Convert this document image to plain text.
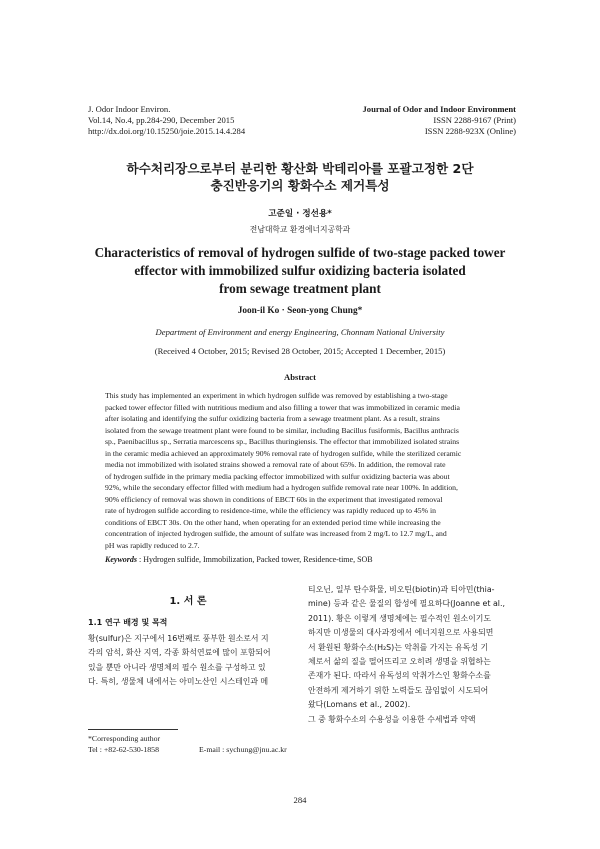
J. Odor Indoor Environ.
Vol.14, No.4, pp.284-290, December 2015
http://dx.doi.org/10.15250/joie.2015.14.4.284
Journal of Odor and Indoor Environment
ISSN 2288-9167 (Print)
ISSN 2288-923X (Online)
하수처리장으로부터 분리한 황산화 박테리아를 포괄고정한 2단
충진반응기의 황화수소 제거특성
고준일 · 정선용*
전남대학교 환경에너지공학과
Characteristics of removal of hydrogen sulfide of two-stage packed tower
effector with immobilized sulfur oxidizing bacteria isolated
from sewage treatment plant
Joon-il Ko · Seon-yong Chung*
Department of Environment and energy Engineering, Chonnam National University
(Received 4 October, 2015; Revised 28 October, 2015; Accepted 1 December, 2015)
Abstract
This study has implemented an experiment in which hydrogen sulfide was removed by establishing a two-stage
packed tower effector filled with nutritious medium and also filling a tower that was immobilized in ceramic media
after isolating and identifying the sulfur oxidizing bacteria from a sewage treatment plant. As a result, strains
isolated from the sewage treatment plant were found to be similar, including Bacillus fusiformis, Bacillus anthracis
sp., Paenibacillus sp., Serratia marcescens sp., Bacillus thuringiensis. The effector that immobilized isolated strains
in the ceramic media achieved an approximately 90% removal rate of hydrogen sulfide, while the sterilized ceramic
media not immobilized with isolated strains showed a removal rate of about 65%. In addition, the removal rate
of hydrogen sulfide in the primary media packing effector immobilized with sulfur oxidizing bacteria was about
92%, while the secondary effector filled with medium had a hydrogen sulfide removal rate near 100%. In addition,
90% efficiency of removal was shown in conditions of EBCT 60s in the experiment that investigated removal
rate of hydrogen sulfide according to residence-time, while the efficiency was rapidly reduced up to 45% in
conditions of EBCT 30s. On the other hand, when operating for an extended period time while increasing the
concentration of injected hydrogen sulfide, the amount of sulfate was increased from 2 mg/L to 12.7 mg/L, and
pH was rapidly reduced to 2.7.
Keywords : Hydrogen sulfide, Immobilization, Packed tower, Residence-time, SOB
1. 서 론
1.1 연구 배경 및 목적
황(sulfur)은 지구에서 16번째로 풍부한 원소로서 지
각의 암석, 화산 지역, 각종 화석연료에 많이 포함되어
있을 뿐만 아니라 생명체의 필수 원소를 구성하고 있
다. 특히, 생물체 내에서는 아미노산인 시스테인과 메
티오닌, 일부 탄수화물, 비오틴(biotin)과 티아민(thia-
mine) 등과 같은 물질의 합성에 필요하다(Joanne et al.,
2011). 황은 이렇게 생명체에는 필수적인 원소이기도
하지만 미생물의 대사과정에서 에너지원으로 사용되면
서 환원된 황화수소(H₂S)는 악취를 가지는 유독성 기
체로서 삶의 질을 떨어뜨리고 오히려 생명을 위협하는
존재가 된다. 따라서 유독성의 악취가스인 황화수소를
안전하게 제거하기 위한 노력들도 끊임없이 시도되어
왔다(Lomans et al., 2002).
그 중 황화수소의 수용성을 이용한 수세법과 약액
*Corresponding author
Tel : +82-62-530-1858	E-mail : sychung@jnu.ac.kr
284
